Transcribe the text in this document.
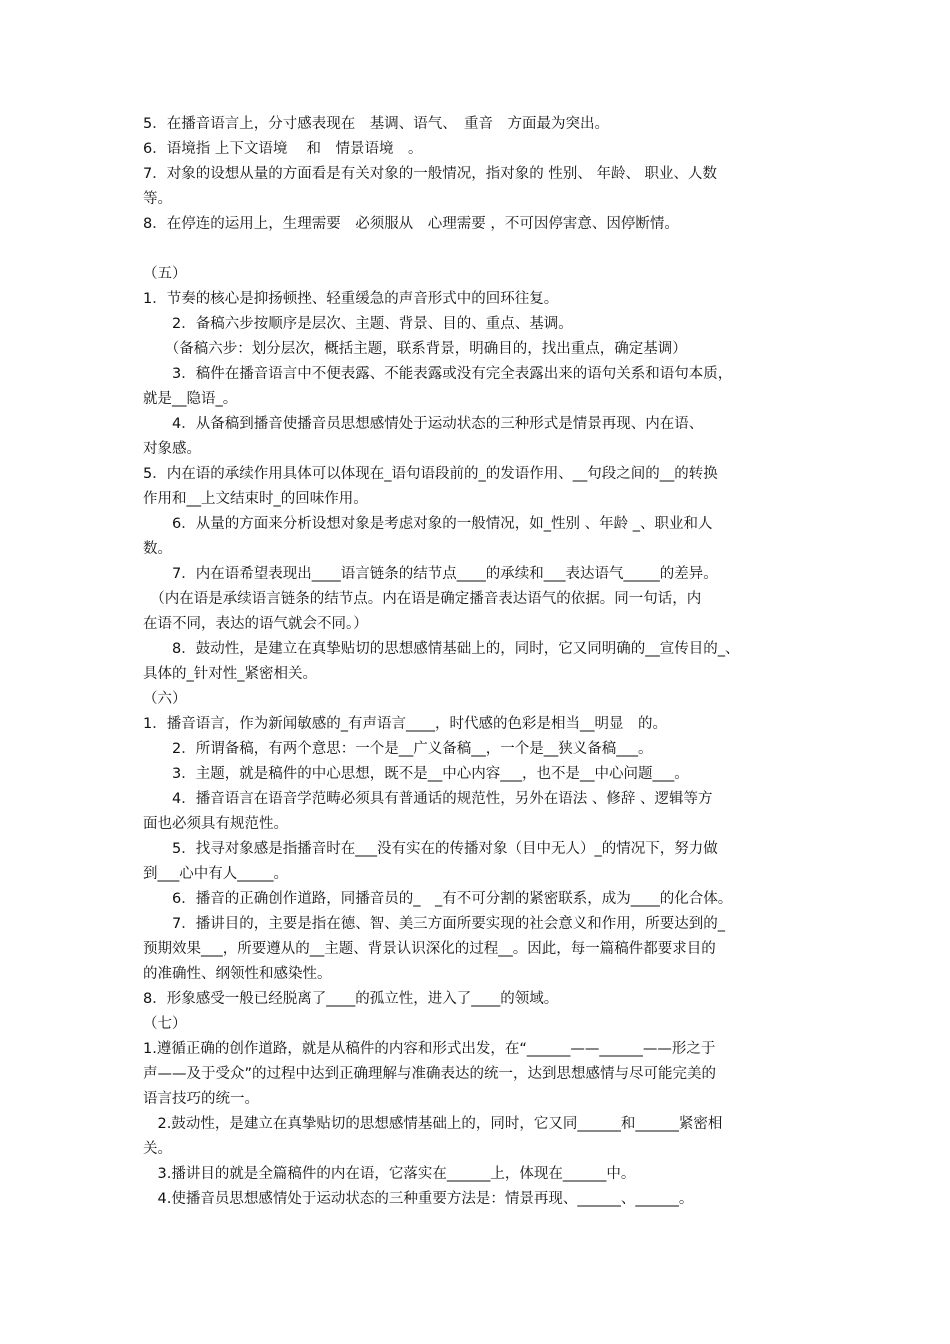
5．在播音语言上，分寸感表现在　基调、语气、　重音　方面最为突出。
6．语境指 上下文语境　 和　情景语境　。
7．对象的设想从量的方面看是有关对象的一般情况，指对象的 性别、 年龄、 职业、人数
等。
8．在停连的运用上，生理需要　必须服从　心理需要 ，不可因停害意、因停断情。
（五）
1．节奏的核心是抑扬顿挫、轻重缓急的声音形式中的回环往复。
　　2．备稿六步按顺序是层次、主题、背景、目的、重点、基调。
　　（备稿六步：划分层次，概括主题，联系背景，明确目的，找出重点，确定基调）
　　3．稿件在播音语言中不便表露、不能表露或没有完全表露出来的语句关系和语句本质，
就是__隐语_。
　　4．从备稿到播音使播音员思想感情处于运动状态的三种形式是情景再现、内在语、
对象感。
5．内在语的承续作用具体可以体现在_语句语段前的_的发语作用、__句段之间的__的转换
作用和__上文结束时_的回味作用。
　　6．从量的方面来分析设想对象是考虑对象的一般情况，如_性别 、年龄 _、职业和人
数。
　　7．内在语希望表现出____语言链条的结节点____的承续和___表达语气_____的差异。
　（内在语是承续语言链条的结节点。内在语是确定播音表达语气的依据。同一句话，内
在语不同，表达的语气就会不同。）
　　8．鼓动性，是建立在真挚贴切的思想感情基础上的，同时，它又同明确的__宣传目的_、
具体的_针对性_紧密相关。
（六）
1．播音语言，作为新闻敏感的_有声语言____，时代感的色彩是相当__明显　的。
　　2．所谓备稿，有两个意思：一个是__广义备稿__，一个是__狭义备稿___。
　　3．主题，就是稿件的中心思想，既不是__中心内容___，也不是__中心问题___。
　　4．播音语言在语音学范畴必须具有普通话的规范性，另外在语法 、修辞 、逻辑等方
面也必须具有规范性。
　　5．找寻对象感是指播音时在___没有实在的传播对象（目中无人）_的情况下，努力做
到___心中有人_____。
　　6．播音的正确创作道路，同播音员的_　_有不可分割的紧密联系，成为____的化合体。
　　7．播讲目的，主要是指在德、智、美三方面所要实现的社会意义和作用，所要达到的_
预期效果___，所要遵从的__主题、背景认识深化的过程__。因此，每一篇稿件都要求目的
的准确性、纲领性和感染性。
8．形象感受一般已经脱离了____的孤立性，进入了____的领域。
（七）
1.遵循正确的创作道路，就是从稿件的内容和形式出发，在“______——______——形之于
声——及于受众”的过程中达到正确理解与准确表达的统一，达到思想感情与尽可能完美的
语言技巧的统一。
　2.鼓动性，是建立在真挚贴切的思想感情基础上的，同时，它又同______和______紧密相
关。
　3.播讲目的就是全篇稿件的内在语，它落实在______上，体现在______中。
　4.使播音员思想感情处于运动状态的三种重要方法是：情景再现、______、______。
